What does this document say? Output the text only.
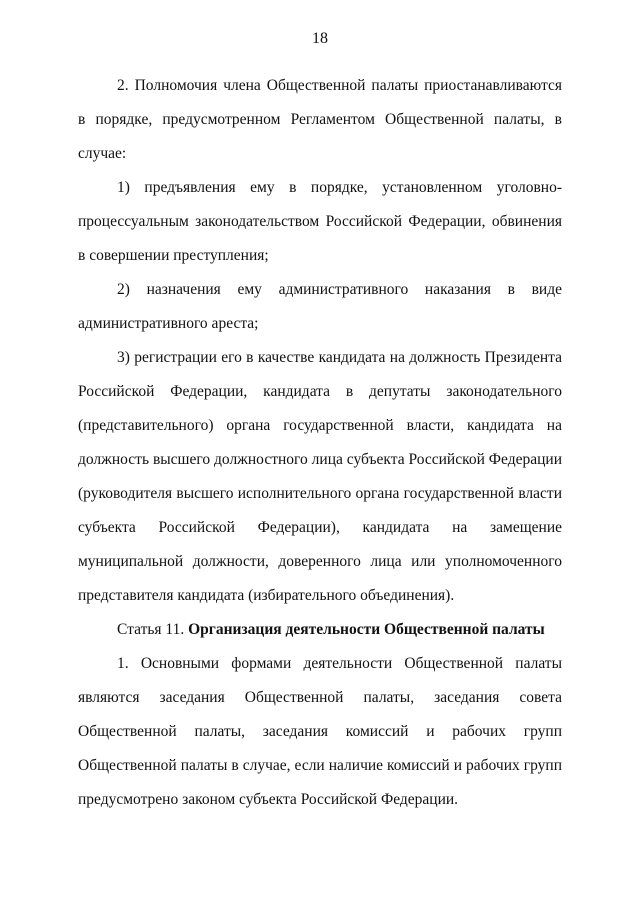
18

2. Полномочия члена Общественной палаты приостанавливаются в порядке, предусмотренном Регламентом Общественной палаты, в случае:

1) предъявления ему в порядке, установленном уголовно-процессуальным законодательством Российской Федерации, обвинения в совершении преступления;

2) назначения ему административного наказания в виде административного ареста;

3) регистрации его в качестве кандидата на должность Президента Российской Федерации, кандидата в депутаты законодательного (представительного) органа государственной власти, кандидата на должность высшего должностного лица субъекта Российской Федерации (руководителя высшего исполнительного органа государственной власти субъекта Российской Федерации), кандидата на замещение муниципальной должности, доверенного лица или уполномоченного представителя кандидата (избирательного объединения).

Статья 11. Организация деятельности Общественной палаты

1. Основными формами деятельности Общественной палаты являются заседания Общественной палаты, заседания совета Общественной палаты, заседания комиссий и рабочих групп Общественной палаты в случае, если наличие комиссий и рабочих групп предусмотрено законом субъекта Российской Федерации.
